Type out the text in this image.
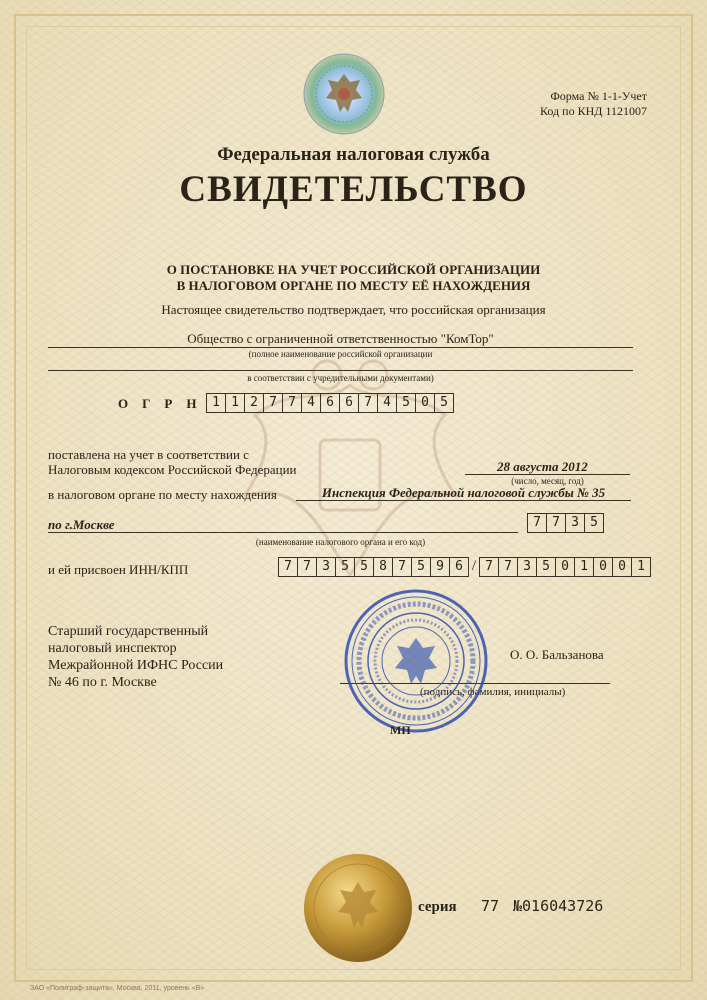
Форма № 1-1-Учет
Код по КНД 1121007
Федеральная налоговая служба
СВИДЕТЕЛЬСТВО
О ПОСТАНОВКЕ НА УЧЕТ РОССИЙСКОЙ ОРГАНИЗАЦИИ
В НАЛОГОВОМ ОРГАНЕ ПО МЕСТУ ЕЁ НАХОЖДЕНИЯ
Настоящее свидетельство подтверждает, что российская организация
Общество с ограниченной ответственностью "КомТор"
(полное наименование российской организации
в соответствии с учредительными документами)
ОГРН 1 1 2 7 7 4 6 6 7 4 5 0 5
поставлена на учет в соответствии с
Налоговым кодексом Российской Федерации	28 августа 2012
(число, месяц, год)
в налоговом органе по месту нахождения	Инспекция Федеральной налоговой службы № 35
по г.Москве	7 7 3 5
(наименование налогового органа и его код)
и ей присвоен ИНН/КПП	7 7 3 5 5 8 7 5 9 6 / 7 7 3 5 0 1 0 0 1
Старший государственный
налоговый инспектор
Межрайонной ИФНС России
№ 46 по г. Москве
О. О. Бальзанова
(подпись, фамилия, инициалы)
МП
серия 77 №016043726
ЗАО «Полиграф-защита», Москва, 2011, уровень «В»
